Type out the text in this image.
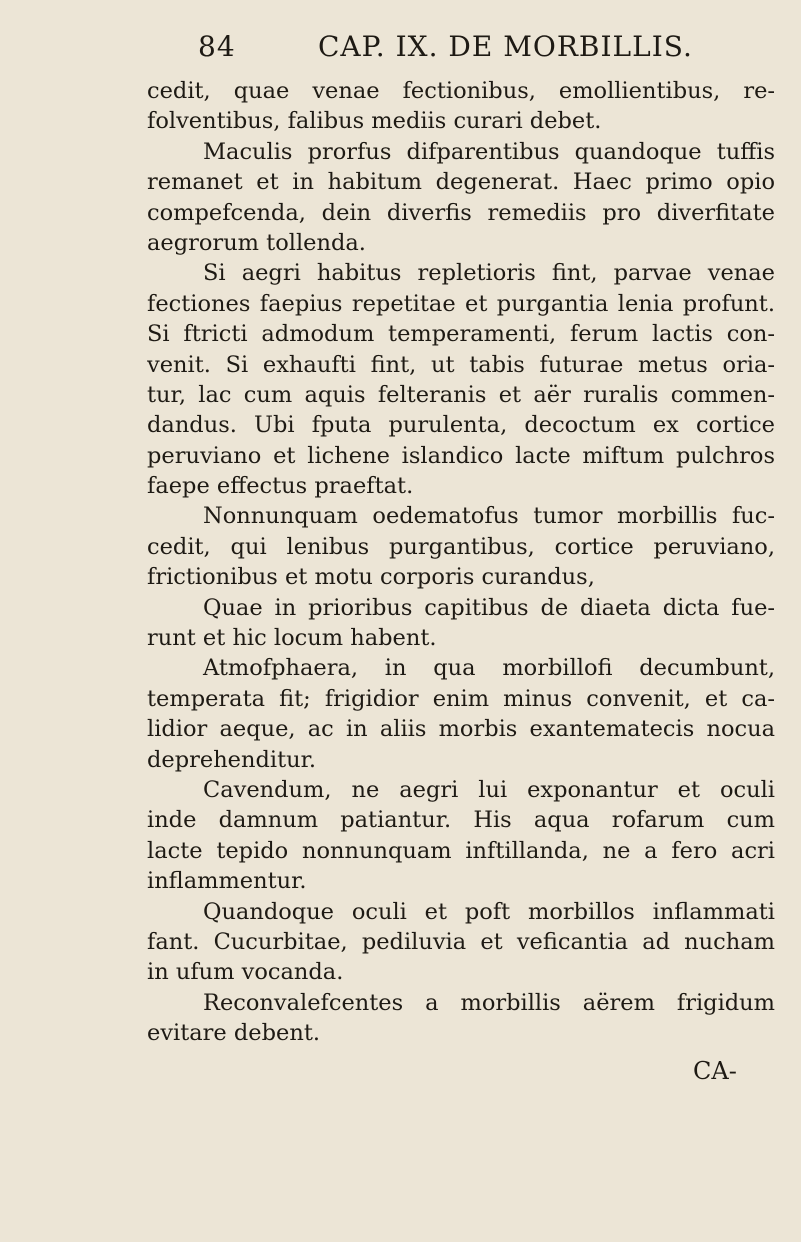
84	CAP. IX. DE MORBILLIS.
cedit, quae venae fectionibus, emollientibus, re-
folventibus, falibus mediis curari debet.
Maculis prorfus difparentibus quandoque tuffis
remanet et in habitum degenerat. Haec primo opio
compefcenda, dein diverfis remediis pro diverfitate
aegrorum tollenda.
Si aegri habitus repletioris fint, parvae venae
fectiones faepius repetitae et purgantia lenia profunt.
Si ftricti admodum temperamenti, ferum lactis con-
venit. Si exhaufti fint, ut tabis futurae metus oria-
tur, lac cum aquis felteranis et aër ruralis commen-
dandus. Ubi fputa purulenta, decoctum ex cortice
peruviano et lichene islandico lacte miftum pulchros
faepe effectus praeftat.
Nonnunquam oedematofus tumor morbillis fuc-
cedit, qui lenibus purgantibus, cortice peruviano,
frictionibus et motu corporis curandus,
Quae in prioribus capitibus de diaeta dicta fue-
runt et hic locum habent.
Atmofphaera, in qua morbillofi decumbunt,
temperata fit; frigidior enim minus convenit, et ca-
lidior aeque, ac in aliis morbis exantematecis nocua
deprehenditur.
Cavendum, ne aegri lui exponantur et oculi
inde damnum patiantur. His aqua rofarum cum
lacte tepido nonnunquam inftillanda, ne a fero acri
inflammentur.
Quandoque oculi et poft morbillos inflammati
fant. Cucurbitae, pediluvia et veficantia ad nucham
in ufum vocanda.
Reconvalefcentes a morbillis aërem frigidum
evitare debent.
CA-
